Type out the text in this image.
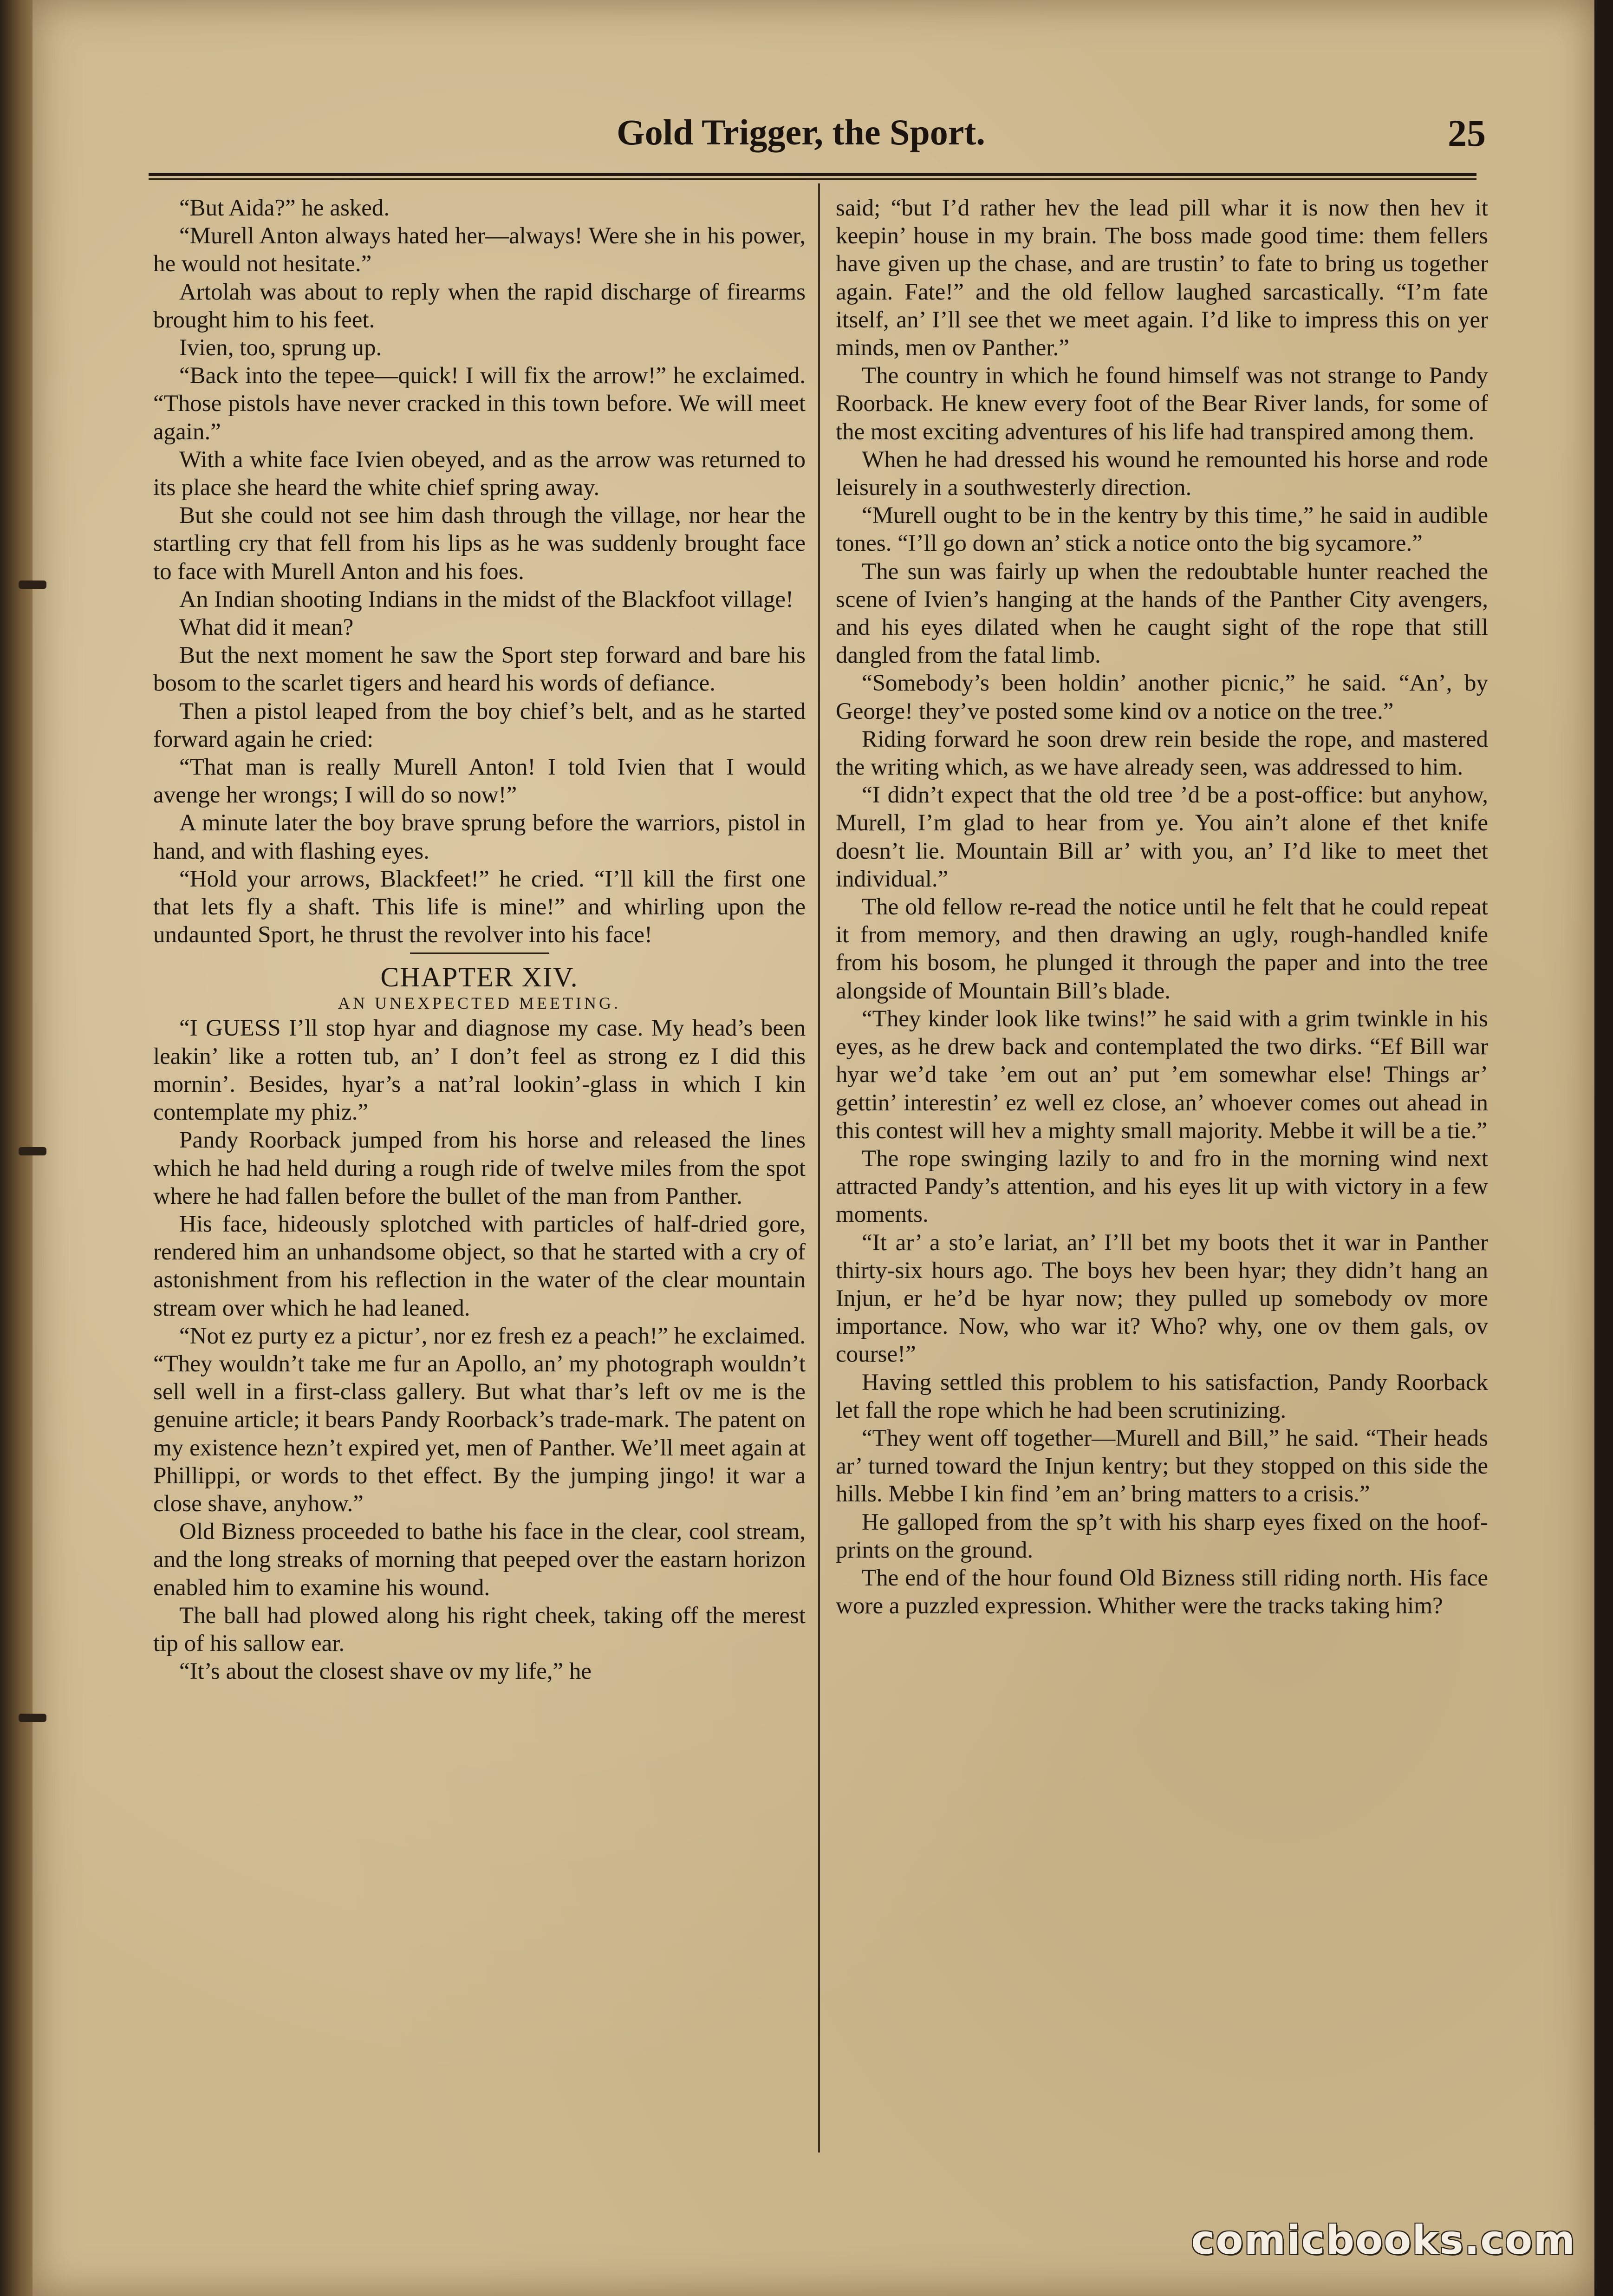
Gold Trigger, the Sport.	25

“But Aida?” he asked.

“Murell Anton always hated her—always! Were she in his power, he would not hesitate.”

Artolah was about to reply when the rapid discharge of firearms brought him to his feet.

Ivien, too, sprung up.

“Back into the tepee—quick! I will fix the arrow!” he exclaimed. “Those pistols have never cracked in this town before. We will meet again.”

With a white face Ivien obeyed, and as the arrow was returned to its place she heard the white chief spring away.

But she could not see him dash through the village, nor hear the startling cry that fell from his lips as he was suddenly brought face to face with Murell Anton and his foes.

An Indian shooting Indians in the midst of the Blackfoot village!

What did it mean?

But the next moment he saw the Sport step forward and bare his bosom to the scarlet tigers and heard his words of defiance.

Then a pistol leaped from the boy chief’s belt, and as he started forward again he cried:

“That man is really Murell Anton! I told Ivien that I would avenge her wrongs; I will do so now!”

A minute later the boy brave sprung before the warriors, pistol in hand, and with flashing eyes.

“Hold your arrows, Blackfeet!” he cried. “I’ll kill the first one that lets fly a shaft. This life is mine!” and whirling upon the undaunted Sport, he thrust the revolver into his face!

CHAPTER XIV.

AN UNEXPECTED MEETING.

“I GUESS I’ll stop hyar and diagnose my case. My head’s been leakin’ like a rotten tub, an’ I don’t feel as strong ez I did this mornin’. Besides, hyar’s a nat’ral lookin’-glass in which I kin contemplate my phiz.”

Pandy Roorback jumped from his horse and released the lines which he had held during a rough ride of twelve miles from the spot where he had fallen before the bullet of the man from Panther.

His face, hideously splotched with particles of half-dried gore, rendered him an unhandsome object, so that he started with a cry of astonishment from his reflection in the water of the clear mountain stream over which he had leaned.

“Not ez purty ez a pictur’, nor ez fresh ez a peach!” he exclaimed. “They wouldn’t take me fur an Apollo, an’ my photograph wouldn’t sell well in a first-class gallery. But what thar’s left ov me is the genuine article; it bears Pandy Roorback’s trade-mark. The patent on my existence hezn’t expired yet, men of Panther. We’ll meet again at Phillippi, or words to thet effect. By the jumping jingo! it war a close shave, anyhow.”

Old Bizness proceeded to bathe his face in the clear, cool stream, and the long streaks of morning that peeped over the eastarn horizon enabled him to examine his wound.

The ball had plowed along his right cheek, taking off the merest tip of his sallow ear.

“It’s about the closest shave ov my life,” he

said; “but I’d rather hev the lead pill whar it is now then hev it keepin’ house in my brain. The boss made good time: them fellers have given up the chase, and are trustin’ to fate to bring us together again. Fate!” and the old fellow laughed sarcastically. “I’m fate itself, an’ I’ll see thet we meet again. I’d like to impress this on yer minds, men ov Panther.”

The country in which he found himself was not strange to Pandy Roorback. He knew every foot of the Bear River lands, for some of the most exciting adventures of his life had transpired among them.

When he had dressed his wound he remounted his horse and rode leisurely in a southwesterly direction.

“Murell ought to be in the kentry by this time,” he said in audible tones. “I’ll go down an’ stick a notice onto the big sycamore.”

The sun was fairly up when the redoubtable hunter reached the scene of Ivien’s hanging at the hands of the Panther City avengers, and his eyes dilated when he caught sight of the rope that still dangled from the fatal limb.

“Somebody’s been holdin’ another picnic,” he said. “An’, by George! they’ve posted some kind ov a notice on the tree.”

Riding forward he soon drew rein beside the rope, and mastered the writing which, as we have already seen, was addressed to him.

“I didn’t expect that the old tree ’d be a post-office: but anyhow, Murell, I’m glad to hear from ye. You ain’t alone ef thet knife doesn’t lie. Mountain Bill ar’ with you, an’ I’d like to meet thet individual.”

The old fellow re-read the notice until he felt that he could repeat it from memory, and then drawing an ugly, rough-handled knife from his bosom, he plunged it through the paper and into the tree alongside of Mountain Bill’s blade.

“They kinder look like twins!” he said with a grim twinkle in his eyes, as he drew back and contemplated the two dirks. “Ef Bill war hyar we’d take ’em out an’ put ’em somewhar else! Things ar’ gettin’ interestin’ ez well ez close, an’ whoever comes out ahead in this contest will hev a mighty small majority. Mebbe it will be a tie.”

The rope swinging lazily to and fro in the morning wind next attracted Pandy’s attention, and his eyes lit up with victory in a few moments.

“It ar’ a sto’e lariat, an’ I’ll bet my boots thet it war in Panther thirty-six hours ago. The boys hev been hyar; they didn’t hang an Injun, er he’d be hyar now; they pulled up somebody ov more importance. Now, who war it? Who? why, one ov them gals, ov course!”

Having settled this problem to his satisfaction, Pandy Roorback let fall the rope which he had been scrutinizing.

“They went off together—Murell and Bill,” he said. “Their heads ar’ turned toward the Injun kentry; but they stopped on this side the hills. Mebbe I kin find ’em an’ bring matters to a crisis.”

He galloped from the sp’t with his sharp eyes fixed on the hoof-prints on the ground.

The end of the hour found Old Bizness still riding north. His face wore a puzzled expression. Whither were the tracks taking him?

comicbooks.com
